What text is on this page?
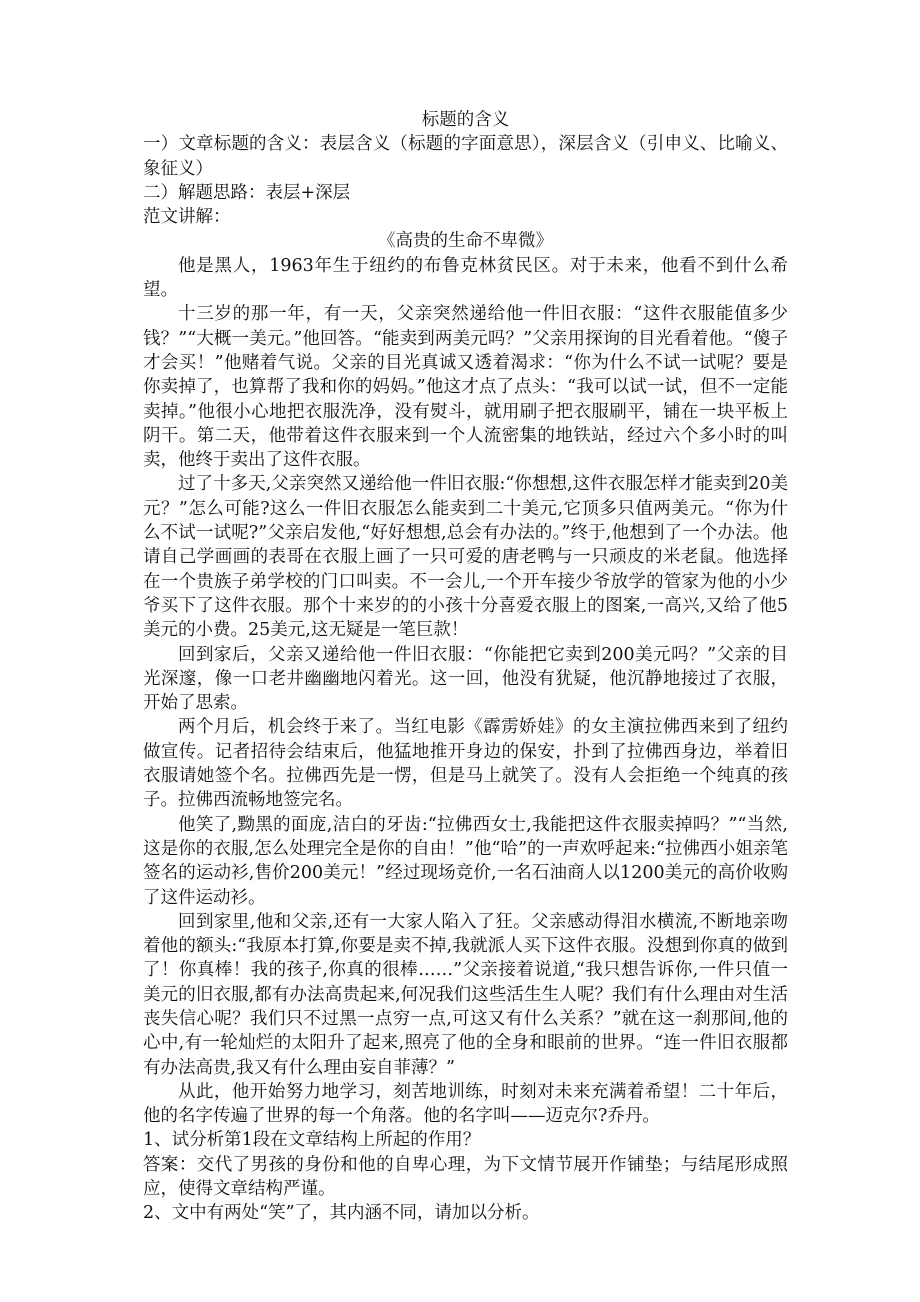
标题的含义

一）文章标题的含义：表层含义（标题的字面意思），深层含义（引申义、比喻义、象征义）

二）解题思路：表层+深层

范文讲解：

《高贵的生命不卑微》

他是黑人，1963年生于纽约的布鲁克林贫民区。对于未来，他看不到什么希望。

十三岁的那一年，有一天，父亲突然递给他一件旧衣服：“这件衣服能值多少钱？”“大概一美元。”他回答。“能卖到两美元吗？”父亲用探询的目光看着他。“傻子才会买！”他赌着气说。父亲的目光真诚又透着渴求：“你为什么不试一试呢？要是你卖掉了，也算帮了我和你的妈妈。”他这才点了点头：“我可以试一试，但不一定能卖掉。”他很小心地把衣服洗净，没有熨斗，就用刷子把衣服刷平，铺在一块平板上阴干。第二天，他带着这件衣服来到一个人流密集的地铁站，经过六个多小时的叫卖，他终于卖出了这件衣服。

过了十多天,父亲突然又递给他一件旧衣服:“你想想,这件衣服怎样才能卖到20美元？”怎么可能?这么一件旧衣服怎么能卖到二十美元,它顶多只值两美元。“你为什么不试一试呢?”父亲启发他,“好好想想,总会有办法的。”终于,他想到了一个办法。他请自己学画画的表哥在衣服上画了一只可爱的唐老鸭与一只顽皮的米老鼠。他选择在一个贵族子弟学校的门口叫卖。不一会儿,一个开车接少爷放学的管家为他的小少爷买下了这件衣服。那个十来岁的的小孩十分喜爱衣服上的图案,一高兴,又给了他5美元的小费。25美元,这无疑是一笔巨款！

回到家后，父亲又递给他一件旧衣服：“你能把它卖到200美元吗？”父亲的目光深邃，像一口老井幽幽地闪着光。这一回，他没有犹疑，他沉静地接过了衣服，开始了思索。

两个月后，机会终于来了。当红电影《霹雳娇娃》的女主演拉佛西来到了纽约做宣传。记者招待会结束后，他猛地推开身边的保安，扑到了拉佛西身边，举着旧衣服请她签个名。拉佛西先是一愣，但是马上就笑了。没有人会拒绝一个纯真的孩子。拉佛西流畅地签完名。

他笑了,黝黑的面庞,洁白的牙齿:“拉佛西女士,我能把这件衣服卖掉吗？”“当然,这是你的衣服,怎么处理完全是你的自由！”他“哈”的一声欢呼起来:“拉佛西小姐亲笔签名的运动衫,售价200美元！”经过现场竞价,一名石油商人以1200美元的高价收购了这件运动衫。

回到家里,他和父亲,还有一大家人陷入了狂。父亲感动得泪水横流,不断地亲吻着他的额头:“我原本打算,你要是卖不掉,我就派人买下这件衣服。没想到你真的做到了！你真棒！我的孩子,你真的很棒……”父亲接着说道,“我只想告诉你,一件只值一美元的旧衣服,都有办法高贵起来,何况我们这些活生生人呢？我们有什么理由对生活丧失信心呢？我们只不过黑一点穷一点,可这又有什么关系？”就在这一刹那间,他的心中,有一轮灿烂的太阳升了起来,照亮了他的全身和眼前的世界。“连一件旧衣服都有办法高贵,我又有什么理由妄自菲薄？”

从此，他开始努力地学习，刻苦地训练，时刻对未来充满着希望！二十年后，他的名字传遍了世界的每一个角落。他的名字叫——迈克尔?乔丹。

1、试分析第1段在文章结构上所起的作用？

答案：交代了男孩的身份和他的自卑心理，为下文情节展开作铺垫；与结尾形成照应，使得文章结构严谨。

2、文中有两处“笑”了，其内涵不同，请加以分析。
